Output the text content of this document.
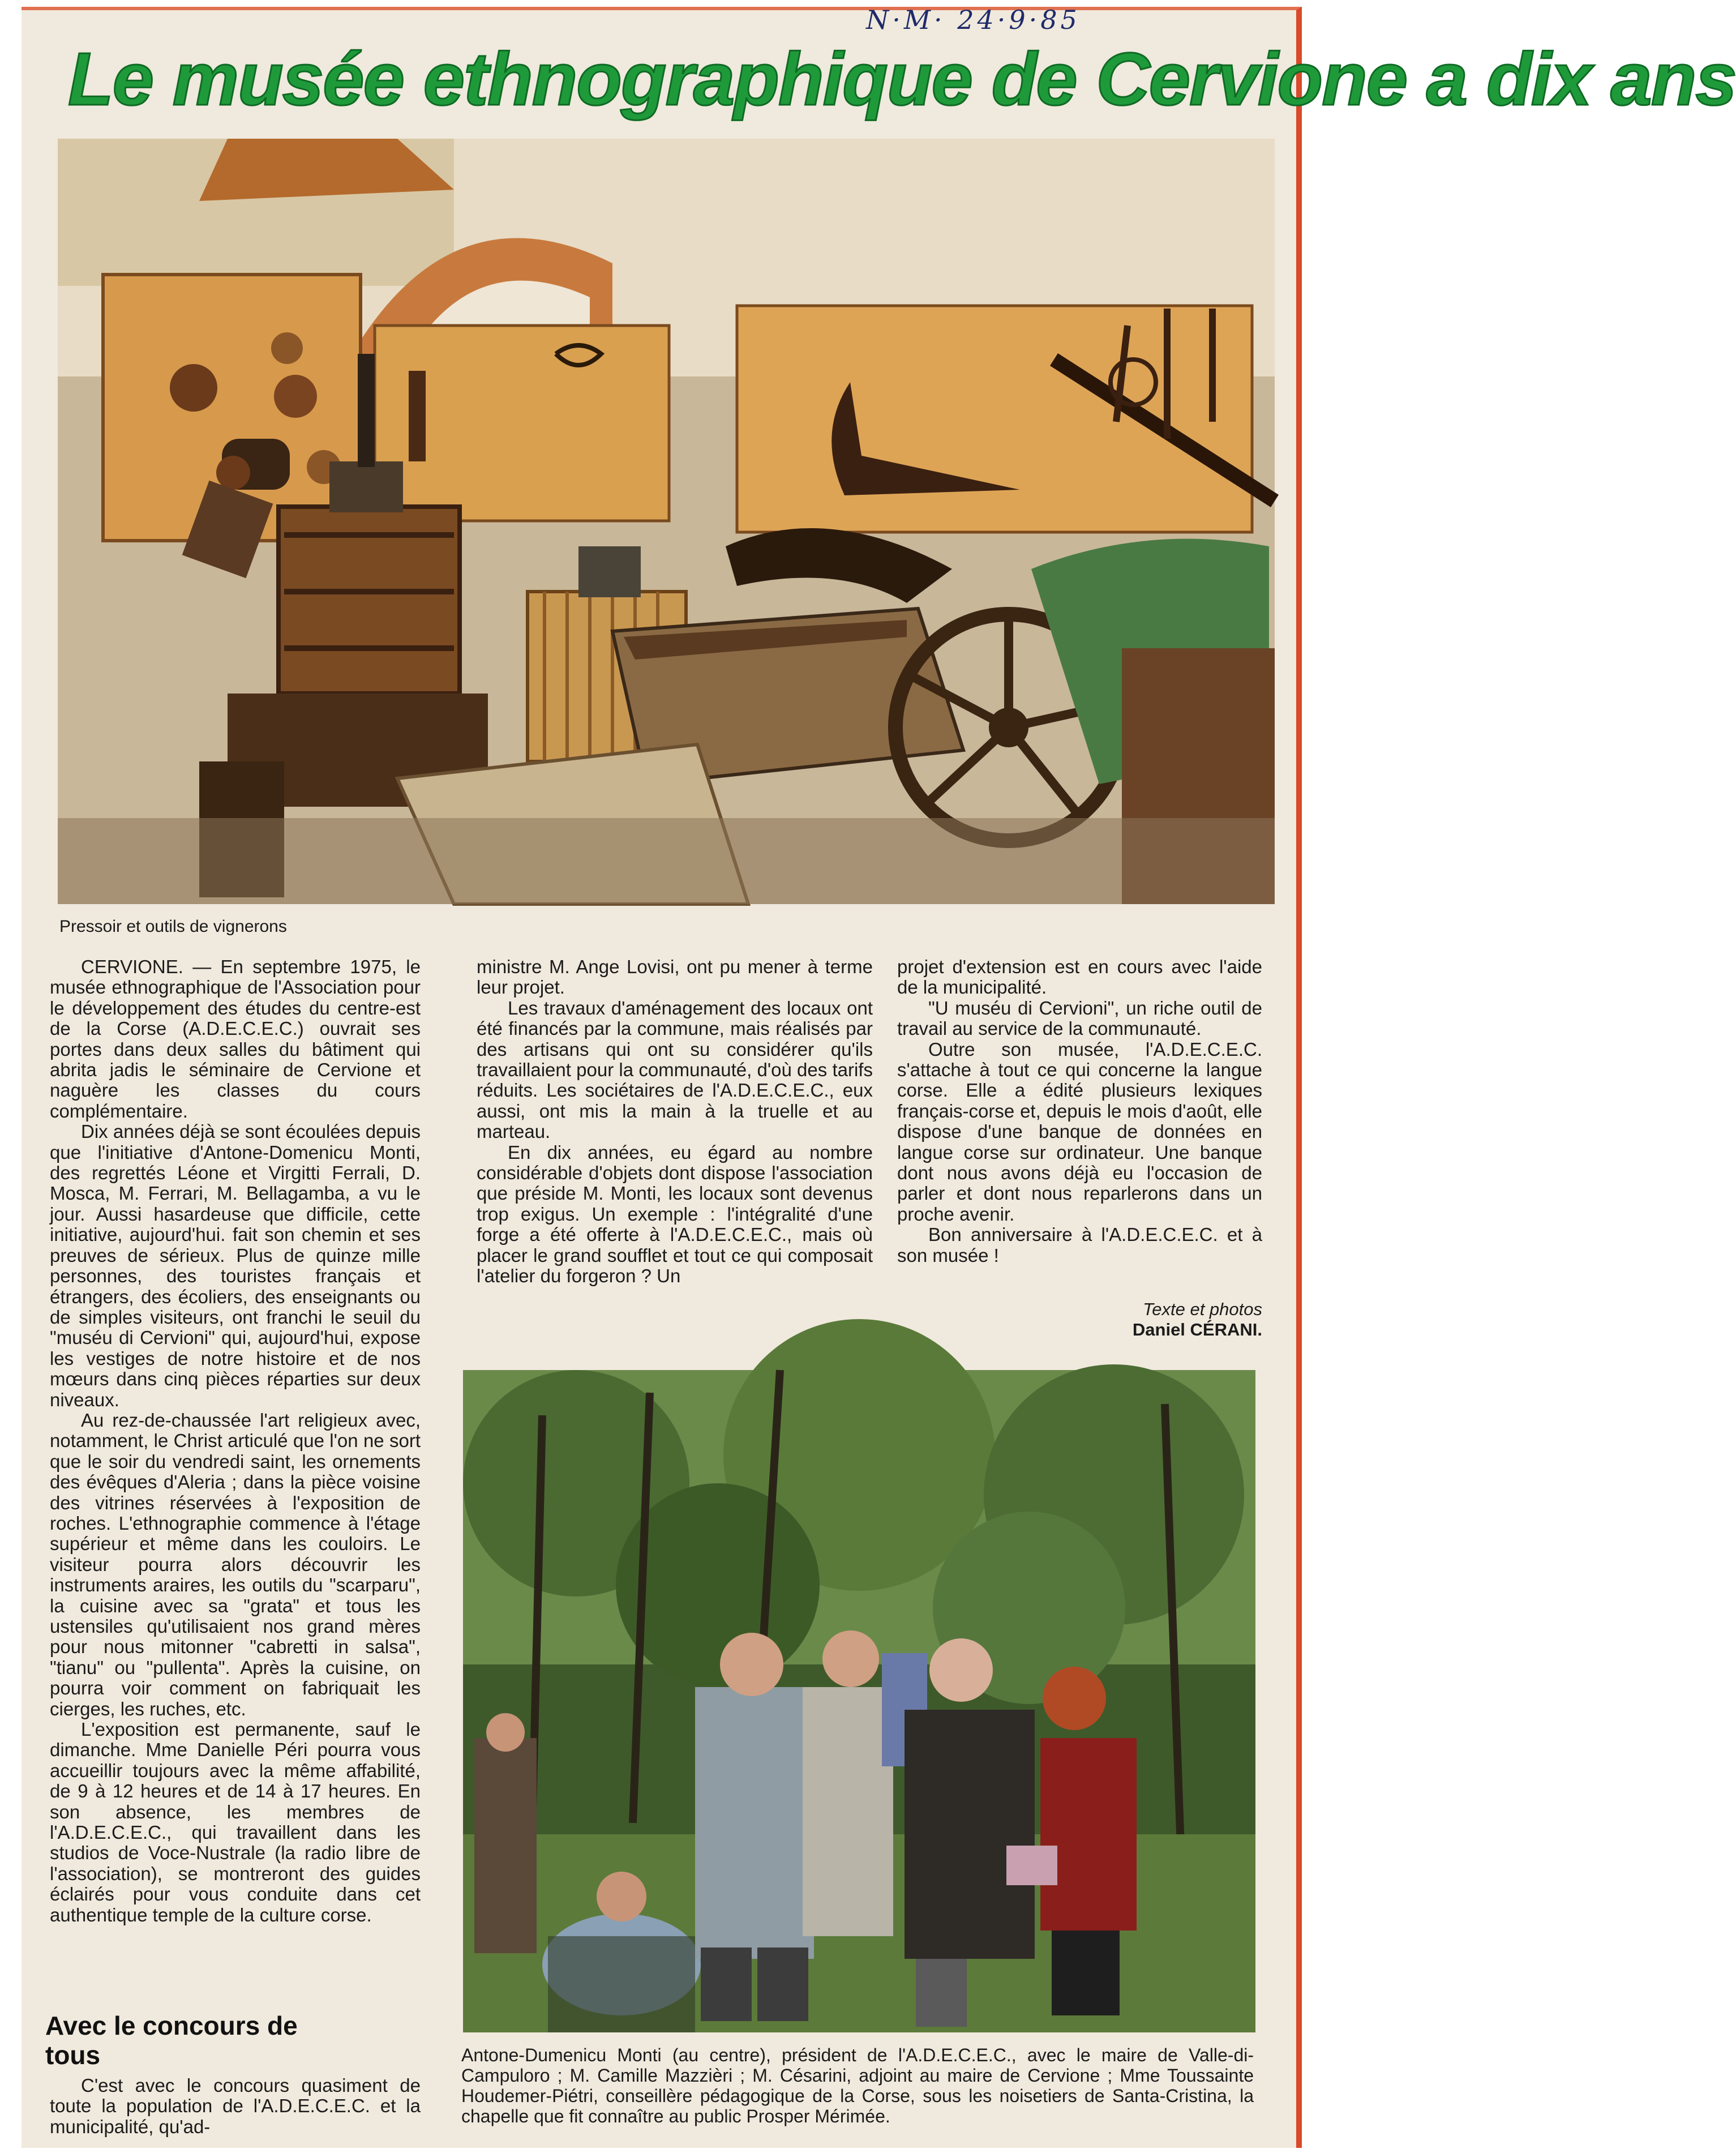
N·M· 24·9·85
Le musée ethnographique de Cervione a dix ans
Pressoir et outils de vignerons

CERVIONE. — En septembre 1975, le musée ethnographique de l'Association pour le développement des études du centre-est de la Corse (A.D.E.C.E.C.) ouvrait ses portes dans deux salles du bâtiment qui abrita jadis le séminaire de Cervione et naguère les classes du cours complémentaire.

Dix années déjà se sont écoulées depuis que l'initiative d'Antone-Domenicu Monti, des regrettés Léone et Virgitti Ferrali, D. Mosca, M. Ferrari, M. Bellagamba, a vu le jour. Aussi hasardeuse que difficile, cette initiative, aujourd'hui. fait son chemin et ses preuves de sérieux. Plus de quinze mille personnes, des touristes français et étrangers, des écoliers, des enseignants ou de simples visiteurs, ont franchi le seuil du "muséu di Cervioni" qui, aujourd'hui, expose les vestiges de notre histoire et de nos mœurs dans cinq pièces réparties sur deux niveaux.

Au rez-de-chaussée l'art religieux avec, notamment, le Christ articulé que l'on ne sort que le soir du vendredi saint, les ornements des évêques d'Aleria ; dans la pièce voisine des vitrines réservées à l'exposition de roches. L'ethnographie commence à l'étage supérieur et même dans les couloirs. Le visiteur pourra alors découvrir les instruments araires, les outils du "scarparu", la cuisine avec sa "grata" et tous les ustensiles qu'utilisaient nos grand mères pour nous mitonner "cabretti in salsa", "tianu" ou "pullenta". Après la cuisine, on pourra voir comment on fabriquait les cierges, les ruches, etc.

L'exposition est permanente, sauf le dimanche. Mme Danielle Péri pourra vous accueillir toujours avec la même affabilité, de 9 à 12 heures et de 14 à 17 heures. En son absence, les membres de l'A.D.E.C.E.C., qui travaillent dans les studios de Voce-Nustrale (la radio libre de l'association), se montreront des guides éclairés pour vous conduite dans cet authentique temple de la culture corse.

Avec le concours de tous

C'est avec le concours quasiment de toute la population de l'A.D.E.C.E.C. et la municipalité, qu'ad-

ministre M. Ange Lovisi, ont pu mener à terme leur projet.

Les travaux d'aménagement des locaux ont été financés par la commune, mais réalisés par des artisans qui ont su considérer qu'ils travaillaient pour la communauté, d'où des tarifs réduits. Les sociétaires de l'A.D.E.C.E.C., eux aussi, ont mis la main à la truelle et au marteau.

En dix années, eu égard au nombre considérable d'objets dont dispose l'association que préside M. Monti, les locaux sont devenus trop exigus. Un exemple : l'intégralité d'une forge a été offerte à l'A.D.E.C.E.C., mais où placer le grand soufflet et tout ce qui composait l'atelier du forgeron ? Un

projet d'extension est en cours avec l'aide de la municipalité.

"U muséu di Cervioni", un riche outil de travail au service de la communauté.

Outre son musée, l'A.D.E.C.E.C. s'attache à tout ce qui concerne la langue corse. Elle a édité plusieurs lexiques français-corse et, depuis le mois d'août, elle dispose d'une banque de données en langue corse sur ordinateur. Une banque dont nous avons déjà eu l'occasion de parler et dont nous reparlerons dans un proche avenir.

Bon anniversaire à l'A.D.E.C.E.C. et à son musée !

Texte et photos
Daniel CÉRANI.
Antone-Dumenicu Monti (au centre), président de l'A.D.E.C.E.C., avec le maire de Valle-di-Campuloro ; M. Camille Mazzièri ; M. Césarini, adjoint au maire de Cervione ; Mme Toussainte Houdemer-Piétri, conseillère pédagogique de la Corse, sous les noisetiers de Santa-Cristina, la chapelle que fit connaître au public Prosper Mérimée.
